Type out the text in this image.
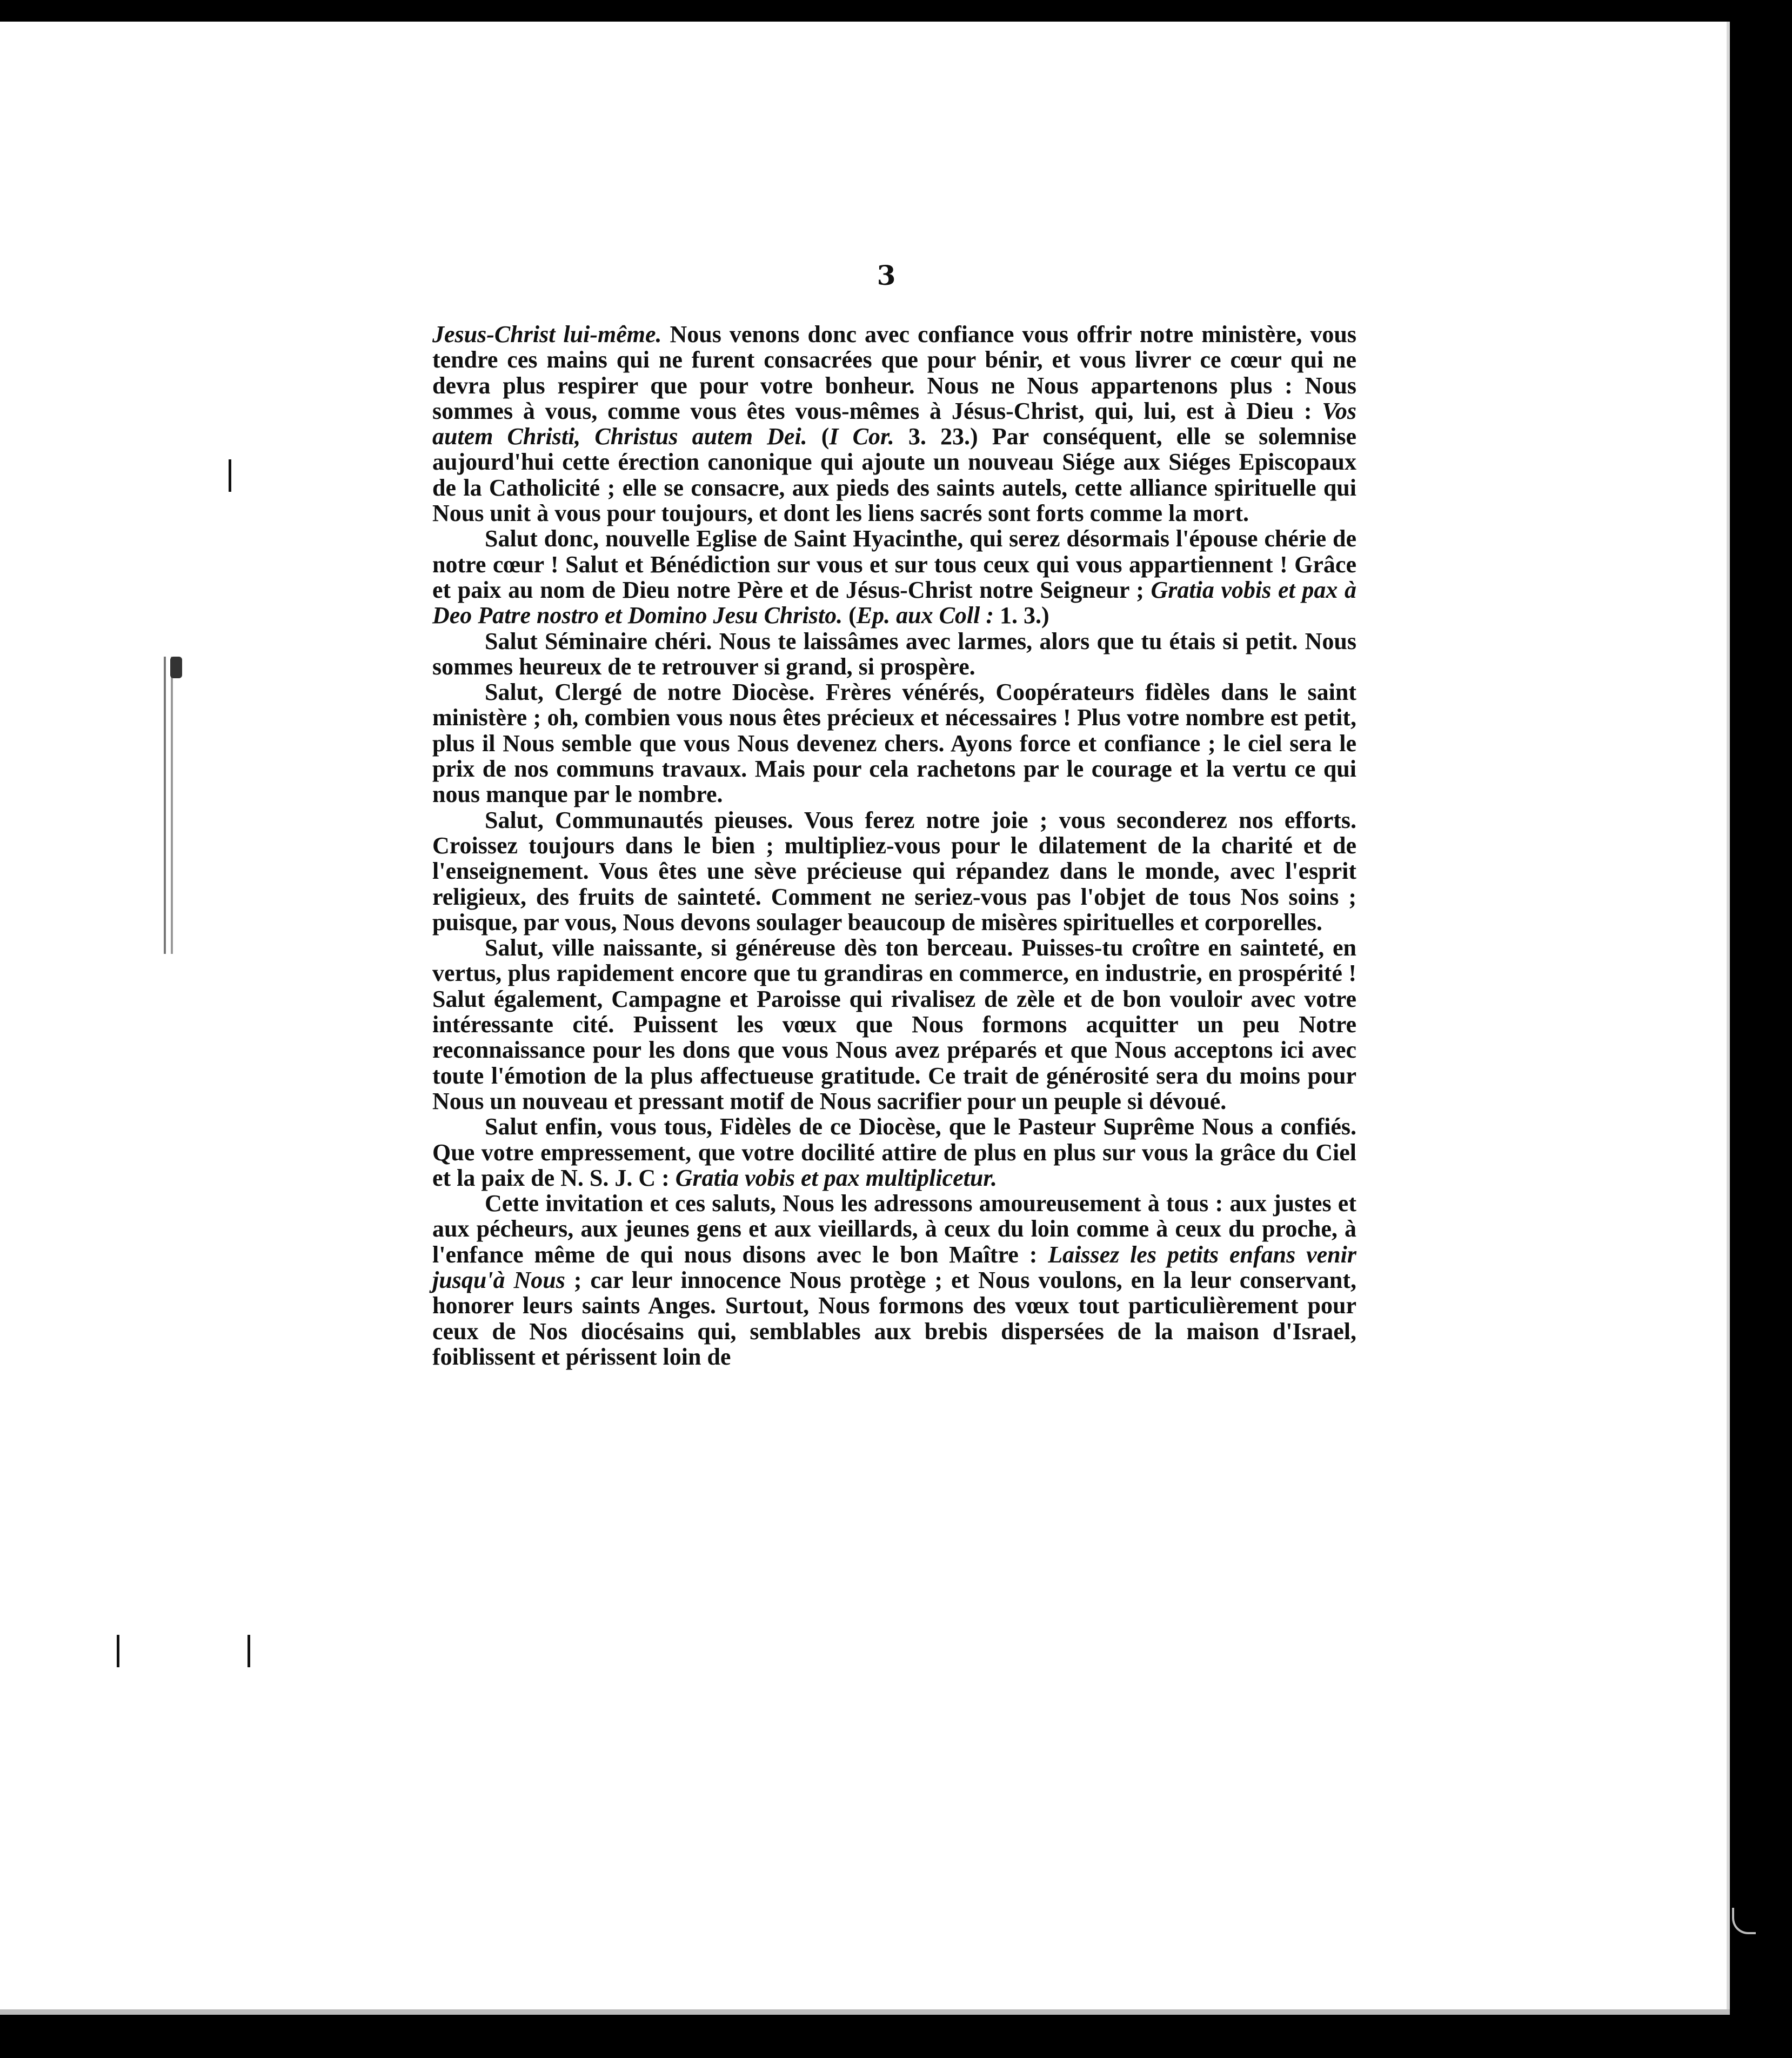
3

Jesus-Christ lui-même. Nous venons donc avec confiance vous offrir notre ministère, vous tendre ces mains qui ne furent consacrées que pour bénir, et vous livrer ce cœur qui ne devra plus respirer que pour votre bonheur. Nous ne Nous appartenons plus : Nous sommes à vous, comme vous êtes vous-mêmes à Jésus-Christ, qui, lui, est à Dieu : Vos autem Christi, Christus autem Dei. (I Cor. 3. 23.) Par conséquent, elle se solemnise aujourd'hui cette érection canonique qui ajoute un nouveau Siége aux Siéges Episcopaux de la Catholicité ; elle se consacre, aux pieds des saints autels, cette alliance spirituelle qui Nous unit à vous pour toujours, et dont les liens sacrés sont forts comme la mort.

Salut donc, nouvelle Eglise de Saint Hyacinthe, qui serez désormais l'épouse chérie de notre cœur ! Salut et Bénédiction sur vous et sur tous ceux qui vous appartiennent ! Grâce et paix au nom de Dieu notre Père et de Jésus-Christ notre Seigneur ; Gratia vobis et pax à Deo Patre nostro et Domino Jesu Christo. (Ep. aux Coll : 1. 3.)

Salut Séminaire chéri. Nous te laissâmes avec larmes, alors que tu étais si petit. Nous sommes heureux de te retrouver si grand, si prospère.

Salut, Clergé de notre Diocèse. Frères vénérés, Coopérateurs fidèles dans le saint ministère ; oh, combien vous nous êtes précieux et nécessaires ! Plus votre nombre est petit, plus il Nous semble que vous Nous devenez chers. Ayons force et confiance ; le ciel sera le prix de nos communs travaux. Mais pour cela rachetons par le courage et la vertu ce qui nous manque par le nombre.

Salut, Communautés pieuses. Vous ferez notre joie ; vous seconderez nos efforts. Croissez toujours dans le bien ; multipliez-vous pour le dilatement de la charité et de l'enseignement. Vous êtes une sève précieuse qui répandez dans le monde, avec l'esprit religieux, des fruits de sainteté. Comment ne seriez-vous pas l'objet de tous Nos soins ; puisque, par vous, Nous devons soulager beaucoup de misères spirituelles et corporelles.

Salut, ville naissante, si généreuse dès ton berceau. Puisses-tu croître en sainteté, en vertus, plus rapidement encore que tu grandiras en commerce, en industrie, en prospérité ! Salut également, Campagne et Paroisse qui rivalisez de zèle et de bon vouloir avec votre intéressante cité. Puissent les vœux que Nous formons acquitter un peu Notre reconnaissance pour les dons que vous Nous avez préparés et que Nous acceptons ici avec toute l'émotion de la plus affectueuse gratitude. Ce trait de générosité sera du moins pour Nous un nouveau et pressant motif de Nous sacrifier pour un peuple si dévoué.

Salut enfin, vous tous, Fidèles de ce Diocèse, que le Pasteur Suprême Nous a confiés. Que votre empressement, que votre docilité attire de plus en plus sur vous la grâce du Ciel et la paix de N. S. J. C : Gratia vobis et pax multiplicetur.

Cette invitation et ces saluts, Nous les adressons amoureusement à tous : aux justes et aux pécheurs, aux jeunes gens et aux vieillards, à ceux du loin comme à ceux du proche, à l'enfance même de qui nous disons avec le bon Maître : Laissez les petits enfans venir jusqu'à Nous ; car leur innocence Nous protège ; et Nous voulons, en la leur conservant, honorer leurs saints Anges. Surtout, Nous formons des vœux tout particulièrement pour ceux de Nos diocésains qui, semblables aux brebis dispersées de la maison d'Israel, foiblissent et périssent loin de
